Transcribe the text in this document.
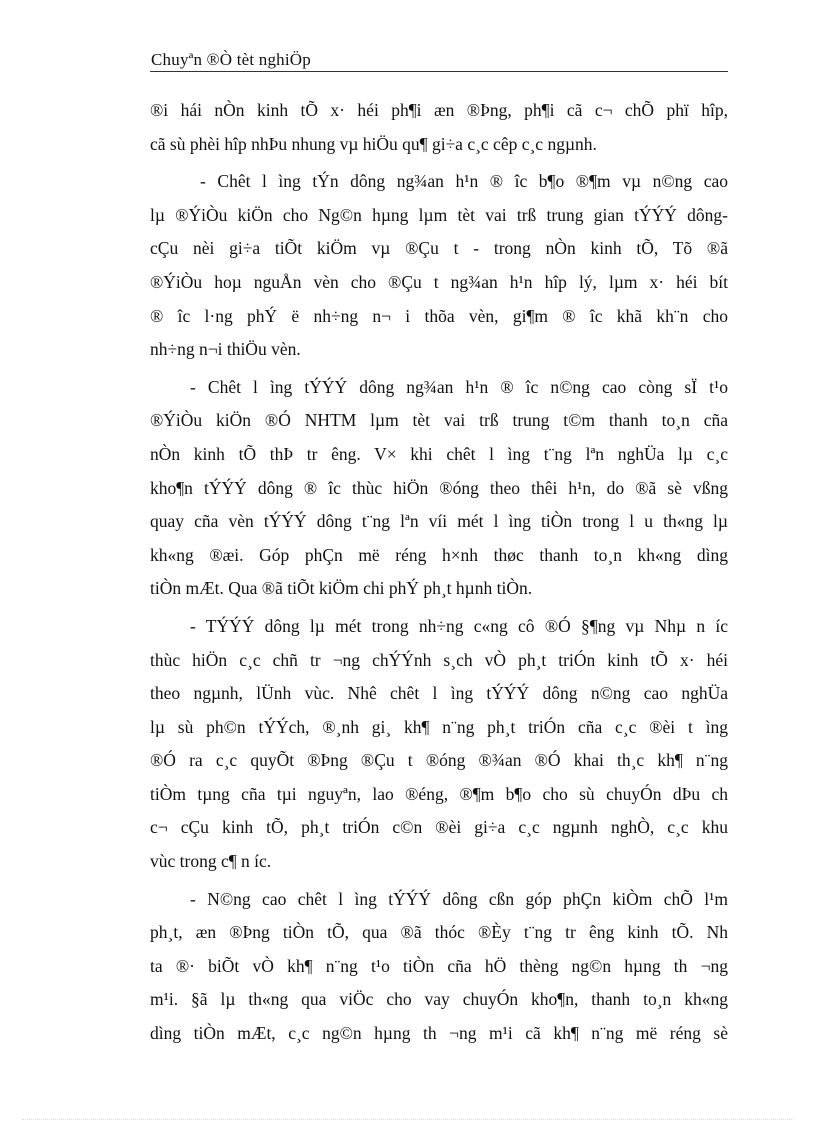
Chuyªn ®Ò tèt nghiÖp
®i hái nÒn kinh tÕ x· héi ph¶i æn ®Þng, ph¶i cã c¬ chÕ phï hîp,
cã sù phèi hîp nhÞu nhung vµ hiÖu qu¶ gi÷a c¸c cêp c¸c ngµnh.
- Chêt l ìng tÝn dông ng¾an h¹n ® îc b¶o ®¶m vµ n©ng cao
lµ ®ÝiÒu kiÖn cho Ng©n hµng lµm tèt vai trß trung gian tÝÝÝ dông-
cÇu nèi gi÷a tiÕt kiÖm vµ ®Çu t - trong nÒn kinh tÕ, Tõ ®ã
®ÝiÒu hoµ nguÅn vèn cho ®Çu t ng¾an h¹n hîp lý, lµm x· héi bít
® îc l·ng phÝ ë nh÷ng n¬ i thõa vèn, gi¶m ® îc khã kh¨n cho
nh÷ng n¬i thiÖu vèn.
- Chêt l ìng tÝÝÝ dông ng¾an h¹n ® îc n©ng cao còng sÏ t¹o
®ÝiÒu kiÖn ®Ó NHTM lµm tèt vai trß trung t©m thanh to¸n cña
nÒn kinh tÕ thÞ tr êng. V× khi chêt l ìng t¨ng lªn nghÜa lµ c¸c
kho¶n tÝÝÝ dông ® îc thùc hiÖn ®óng theo thêi h¹n, do ®ã sè vßng
quay cña vèn tÝÝÝ dông t¨ng lªn víi mét l ìng tiÒn trong l u th«ng lµ
kh«ng ®æi. Góp phÇn më réng h×nh thøc thanh to¸n kh«ng dìng
tiÒn mÆt. Qua ®ã tiÕt kiÖm chi phÝ ph¸t hµnh tiÒn.
- TÝÝÝ dông lµ mét trong nh÷ng c«ng cô ®Ó §¶ng vµ Nhµ n íc
thùc hiÖn c¸c chñ tr ¬ng chÝÝnh s¸ch vÒ ph¸t triÓn kinh tÕ x· héi
theo ngµnh, lÜnh vùc. Nhê chêt l ìng tÝÝÝ dông n©ng cao nghÜa
lµ sù ph©n tÝÝch, ®¸nh gi¸ kh¶ n¨ng ph¸t triÓn cña c¸c ®èi t ìng
®Ó ra c¸c quyÕt ®Þng ®Çu t ®óng ®¾an ®Ó khai th¸c kh¶ n¨ng
tiÒm tµng cña tµi nguyªn, lao ®éng, ®¶m b¶o cho sù chuyÓn dÞu ch
c¬ cÇu kinh tÕ, ph¸t triÓn c©n ®èi gi÷a c¸c ngµnh nghÒ, c¸c khu
vùc trong c¶ n íc.
- N©ng cao chêt l ìng tÝÝÝ dông cßn góp phÇn kiÒm chÕ l¹m
ph¸t, æn ®Þng tiÒn tÕ, qua ®ã thóc ®Èy t¨ng tr êng kinh tÕ. Nh
ta ®· biÕt vÒ kh¶ n¨ng t¹o tiÒn cña hÖ thèng ng©n hµng th ¬ng
m¹i. §ã lµ th«ng qua viÖc cho vay chuyÓn kho¶n, thanh to¸n kh«ng
dìng tiÒn mÆt, c¸c ng©n hµng th ¬ng m¹i cã kh¶ n¨ng më réng sè
